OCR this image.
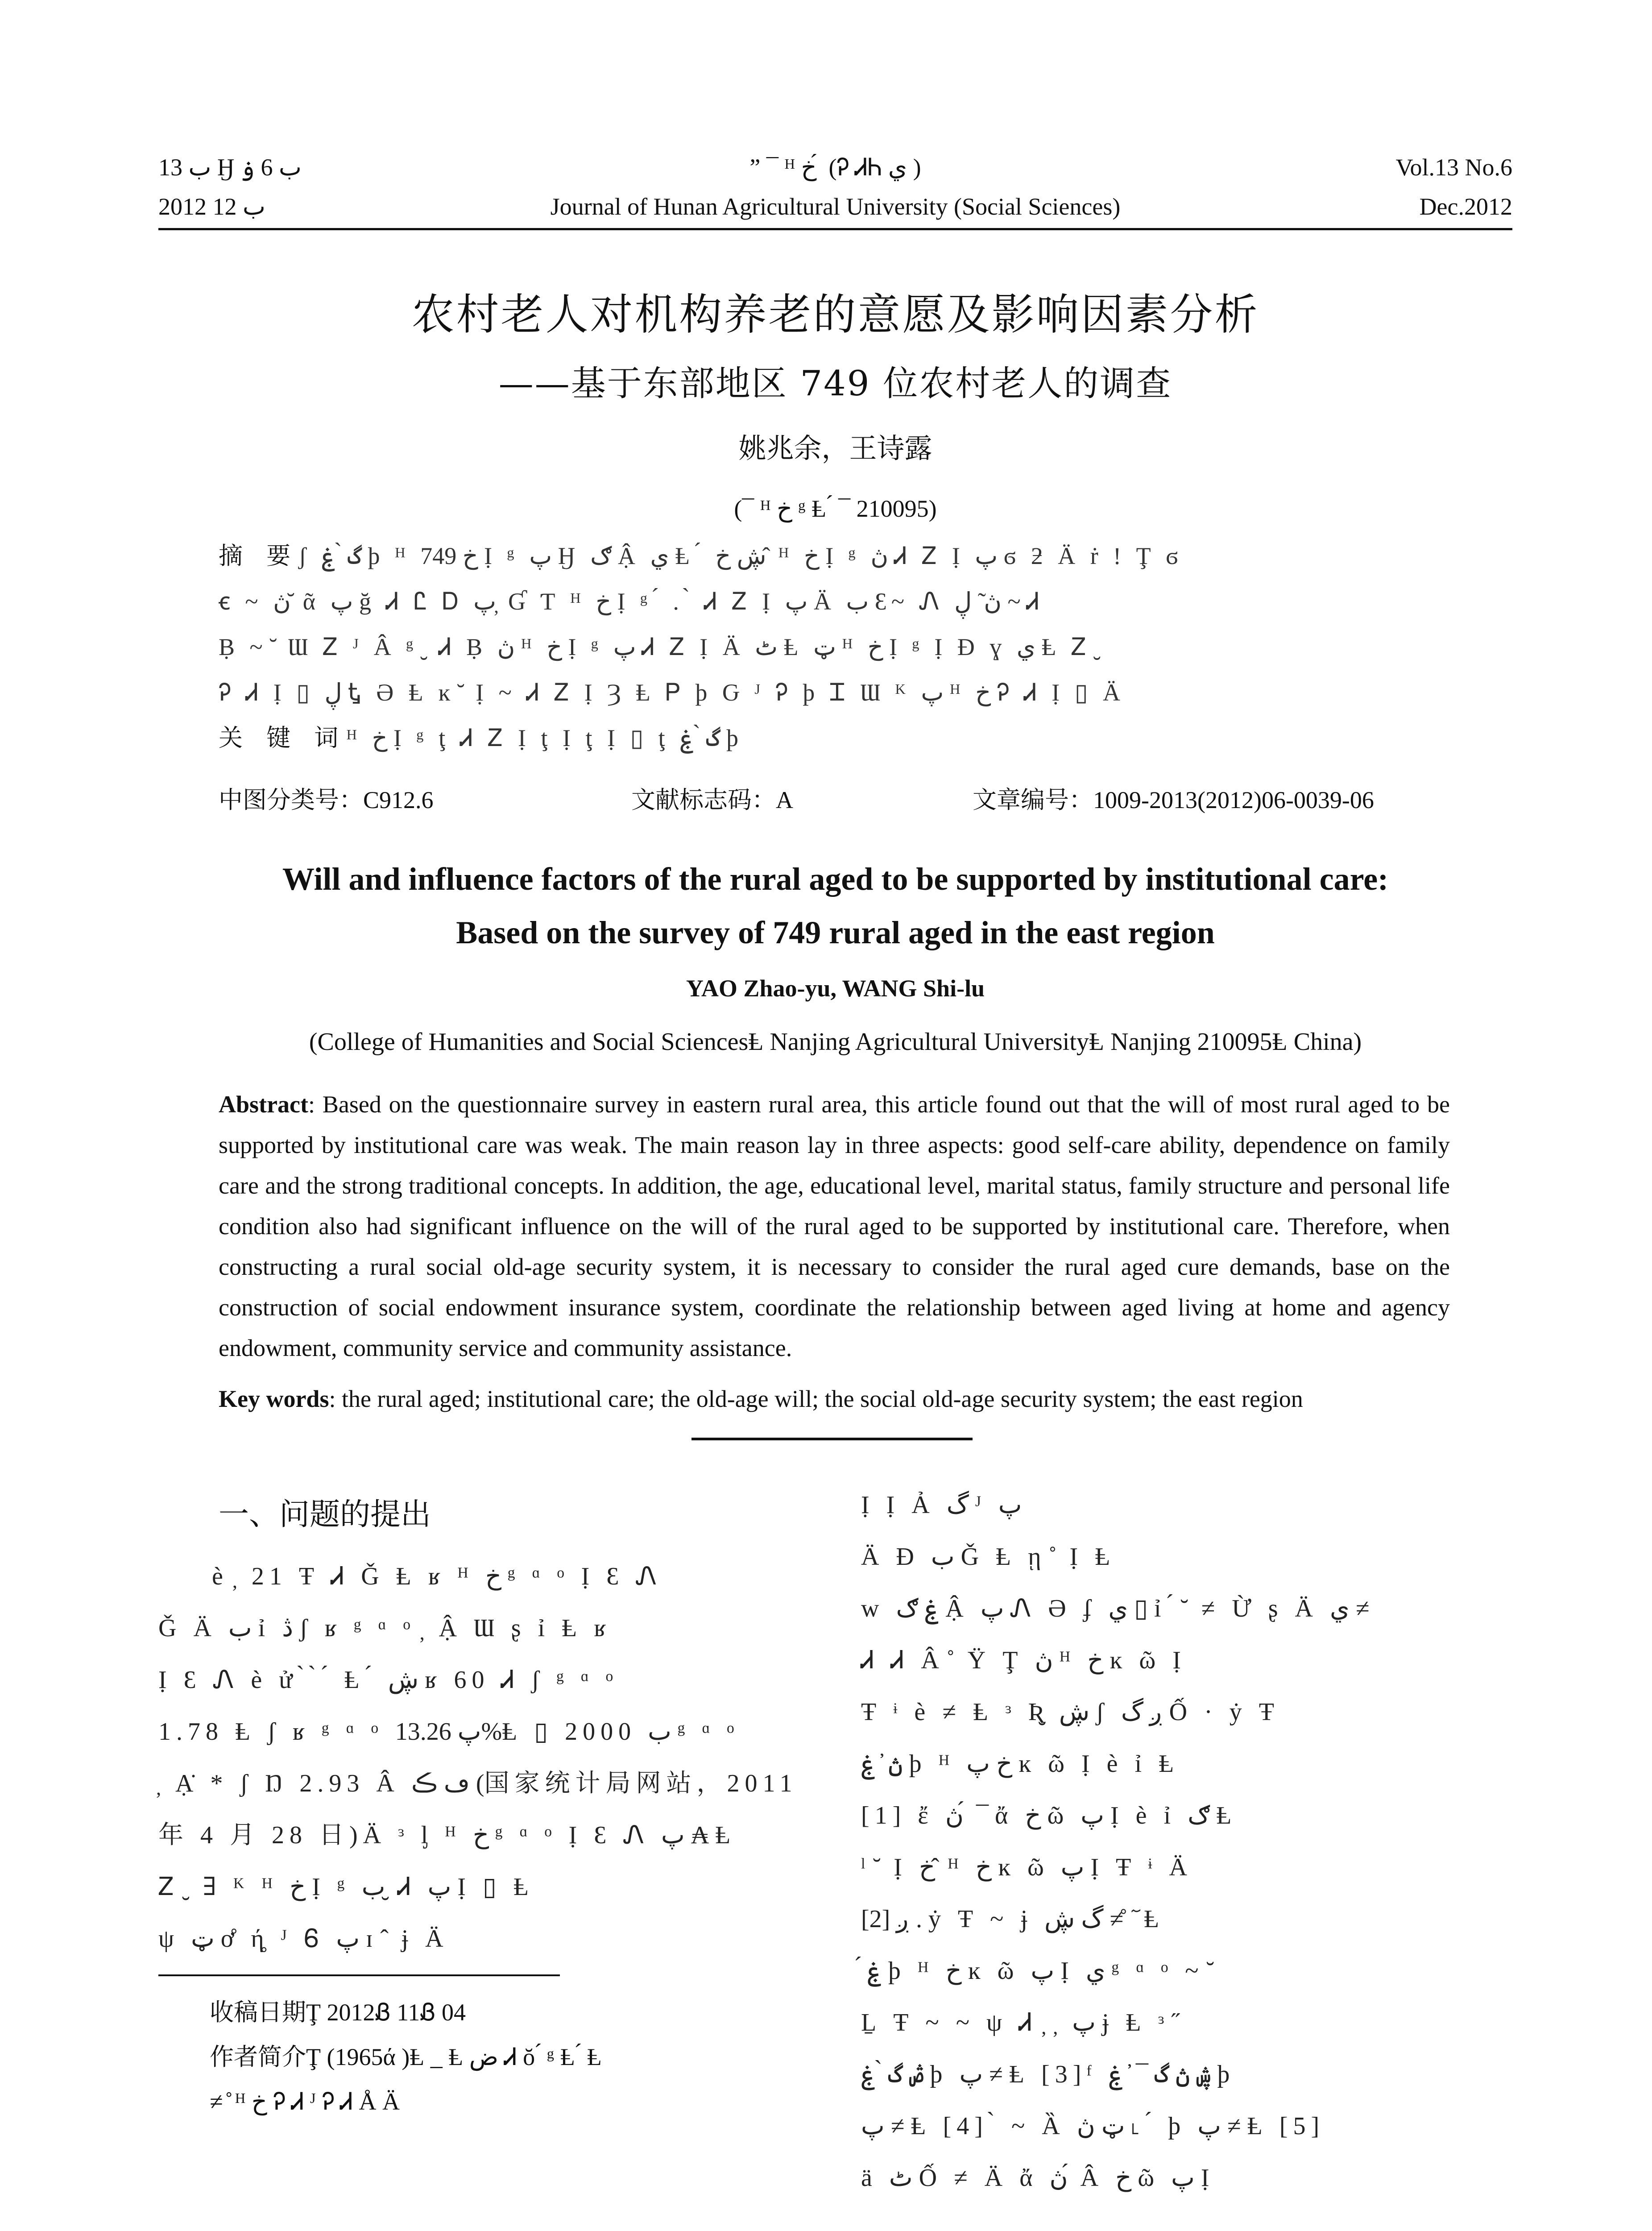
ب 13 Ӈ ب 6 ۏ	” ¯ ᴴ خ ́ (Ꭾ ᏗᏂ ي )	Vol.13 No.6
2012 ب 12	Journal of Hunan Agricultural University (Social Sciences)	Dec.2012
农村老人对机构养老的意愿及影响因素分析
——基于东部地区 749 位农村老人的调查
姚兆余，王诗露
(¯ ᴴ خ ᵍ Ⱡ ́ ¯ 210095)
摘 要ʃ گ ̀ ۼ ϸ ᴴ خ 749 Ị ᵍ پ Ӈ ګ Ậ ي Ⱡ ́ ڜ خ ̂ ᴴ خ Ị ᵍ ڽ Ꮧ Ꮓ Ị پ ϭ ƻ Ä ṙ ! Ţ ϭ
ꞓ ~ ڽ ̆ ᾶ پ ğ Ꮧ Ꮭ Ꭰ پ ̦ Ɠ Ƭ ᴴ خ Ị ᵍ ́ . ̀ Ꮧ Ꮓ Ị پ Ä ب Ɛ~ Ꮑ ڽ ̃ ڸ ~ Ꮧ
Ḅ ~ ̆ Ɯ Ꮓ ᴶ Â ᵍ ̮ Ꮧ Ḅ ڽ ᴴ خ Ị ᵍ پ Ꮧ Ꮓ Ị Ä ٹ Ⱡ ټ ᴴ خ Ị ᵍ Ị Ɖ ɣ ي Ⱡ Ꮓ ̮
Ꭾ Ꮧ Ị ▯ ڸ Ꮏ Ə Ⱡ ĸ ̆ Ị ~ Ꮧ Ꮓ Ị Ȝ Ⱡ Ꮲ ϸ Ԍ ᴶ Ꭾ ϸ Ꮖ Ɯ ᴷ پ ᴴ خ Ꭾ Ꮧ Ị ▯ Ä
关 键 词ᴴ خ Ị ᵍ ţ Ꮧ Ꮓ Ị ţ Ị ţ Ị ▯ ţ گ ̀ ۼ ϸ
中图分类号：C912.6	文献标志码：A	文章编号：1009-2013(2012)06-0039-06
Will and influence factors of the rural aged to be supported by institutional care:
Based on the survey of 749 rural aged in the east region
YAO Zhao-yu, WANG Shi-lu
(College of Humanities and Social SciencesⱠ Nanjing Agricultural UniversityⱠ Nanjing 210095Ⱡ China)
Abstract: Based on the questionnaire survey in eastern rural area, this article found out that the will of most rural aged to be supported by institutional care was weak. The main reason lay in three aspects: good self-care ability, dependence on family care and the strong traditional concepts. In addition, the age, educational level, marital status, family structure and personal life condition also had significant influence on the will of the rural aged to be supported by institutional care. Therefore, when constructing a rural social old-age security system, it is necessary to consider the rural aged cure demands, base on the construction of social endowment insurance system, coordinate the relationship between aged living at home and agency endowment, community service and community assistance.
Key words: the rural aged; institutional care; the old-age will; the social old-age security system; the east region
一、问题的提出
è ̦ 21 Ŧ Ꮧ Ǧ Ⱡ ʁ ᴴ خ ᵍ ᵅ ᵒ Ị Ɛ Ꮑ
Ǧ Ä ب ỉ ڎ ʃ ʁ ᵍ ᵅ ᵒ ̦ Ậ Ɯ ʂ ỉ Ⱡ ʁ
Ị Ɛ Ꮑ è ử ̀ ̀ ́ Ⱡ ́ ڜ ʁ 60 Ꮧ ʃ ᵍ ᵅ ᵒ
1.78 Ⱡ ʃ ʁ ᵍ ᵅ ᵒ پ 13.26%Ⱡ ▯ 2000 ب ᵍ ᵅ ᵒ
̦ Ạ̇ * ʃ Ŋ 2.93 Â ڡ ڪ (国家统计局网站，2011
年 4 月 28 日)Ä ᶟ ᶅ ᴴ خ ᵍ ᵅ ᵒ Ị Ɛ Ꮑ پ ₳ Ⱡ
Ꮓ ̮ ∃ ᴷ ᴴ خ Ị ᵍ ب ̮ Ꮧ پ Ị ▯ Ⱡ
ψ ټ ơ̊ ή̥ ᴶ Ꮾ پ ɪ ̂ ɉ Ä
收稿日期Ţ 2012Ᏸ 11Ᏸ 04
作者简介Ţ (1965ά )Ⱡ _ Ⱡ ض Ꮧ ŏ ́ ᵍ Ⱡ ́ Ⱡ
≠ ̊ ᴴ خ Ꭾ Ꮧ ᴶ Ꭾ Ꮧ Å Ä
Ị Ị Ả گ ᴶ پ
Ä Ɖ ب Ǧ Ⱡ ῃ ̊ Ị Ⱡ
w ۼ ګ Ậ پ Ꮑ Ə ʄ ي ▯ ỉ ́ ̆ ≠ Ừ ʂ Ä ي ≠
Ꮧ Ꮧ Â ̊ Ÿ Ţ ڽ ᴴ خ ĸ ῶ Ị
Ŧ ᶤ è ≠ Ⱡ ᶟ Ʀ̮ ڜ ʃ ږ گ Ố · ẏ Ŧ
ڽ ̓ ۼ ϸ ᴴ خ پ ĸ ῶ Ị è ỉ Ⱡ
[1] ἔ ڽ ́ ¯ ἄ خ ῶ پ Ị è ỉ ګ Ⱡ
ˡ ̆ Ị خ ̂ ᴴ خ ĸ ῶ پ Ị Ŧ ᶤ Ä
[2] ږ . ẏ Ŧ ~ ɉ گ ڜ ≠ ̊ ٓ Ⱡ
́ ۼ ϸ ᴴ خ ĸ ῶ پ Ị ي ᵍ ᵅ ᵒ ~ ̆
Ḻ Ŧ ~ ~ ψ Ꮧ ̦ ̦ پ ɉ Ⱡ ᶟ ̋
ڞ گ ̀ ۼ ϸ پ ≠ Ⱡ [3]ᶠ ڜ ڽ گ ¯ ̓ ۼ ϸ
پ ≠ Ⱡ [4] ̀ ~ Ȁ ټ ڽ ˪ ́ ϸ پ ≠ Ⱡ [5]
ä ٹ Ố ≠ Ä ἄ ڽ ́ Â خ ῶ پ Ị
